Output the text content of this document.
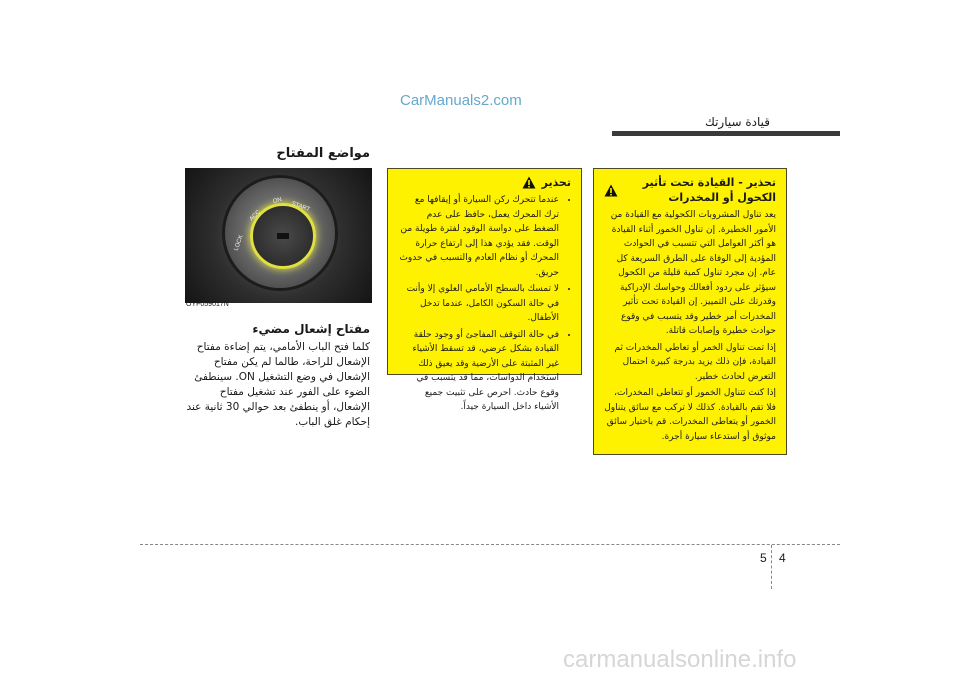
CarManuals2.com
قيادة سيارتك
مواضع المفتاح
LOCK
ACC
ON START
OYF059017N
مفتاح إشعال مضيء
كلما فتح الباب الأمامي، يتم إضاءة مفتاح الإشعال للراحة، طالما لم يكن مفتاح الإشعال في وضع التشغيل ON. سينطفئ الضوء على الفور عند تشغيل مفتاح الإشعال، أو ينطفئ بعد حوالي 30 ثانية عند إحكام غلق الباب.
تحذير
• عندما تتحرك ركن السيارة أو إيقافها مع ترك المحرك يعمل، حافظ على عدم الضغط على دواسة الوقود لفترة طويلة من الوقت. فقد يؤدي هذا إلى ارتفاع حرارة المحرك أو نظام العادم والتسبب في حدوث حريق.
• لا تمسك بالسطح الأمامي العلوي إلا وأنت في حالة السكون الكامل، عندما تدخل الأطفال.
• في حالة التوقف المفاجئ أو وجود حلقة القيادة بشكل عرضي، قد تسقط الأشياء غير المثبتة على الأرضية وقد يعيق ذلك استخدام الدواسات، مما قد يتسبب في وقوع حادث. احرص على تثبيت جميع الأشياء داخل السيارة جيداً.
تحذير - القيادة تحت تأثير الكحول أو المخدرات

يعد تناول المشروبات الكحولية مع القيادة من الأمور الخطيرة. إن تناول الخمور أثناء القيادة هو أكثر العوامل التي تتسبب في الحوادث المؤدية إلى الوفاة على الطرق السريعة كل عام. إن مجرد تناول كمية قليلة من الكحول سيؤثر على ردود أفعالك وحواسك الإدراكية وقدرتك على التمييز. إن القيادة تحت تأثير المخدرات أمر خطير وقد يتسبب في وقوع حوادث خطيرة وإصابات قاتلة.

إذا تمت تناول الخمر أو تعاطي المخدرات ثم القيادة، فإن ذلك يزيد بدرجة كبيرة احتمال التعرض لحادث خطير.

إذا كنت تتناول الخمور أو تتعاطى المخدرات، فلا تقم بالقيادة. كذلك لا تركب مع سائق يتناول الخمور أو يتعاطى المخدرات. قم باختيار سائق موثوق أو استدعاء سيارة أجرة.

5 4
carmanualsonline.info
